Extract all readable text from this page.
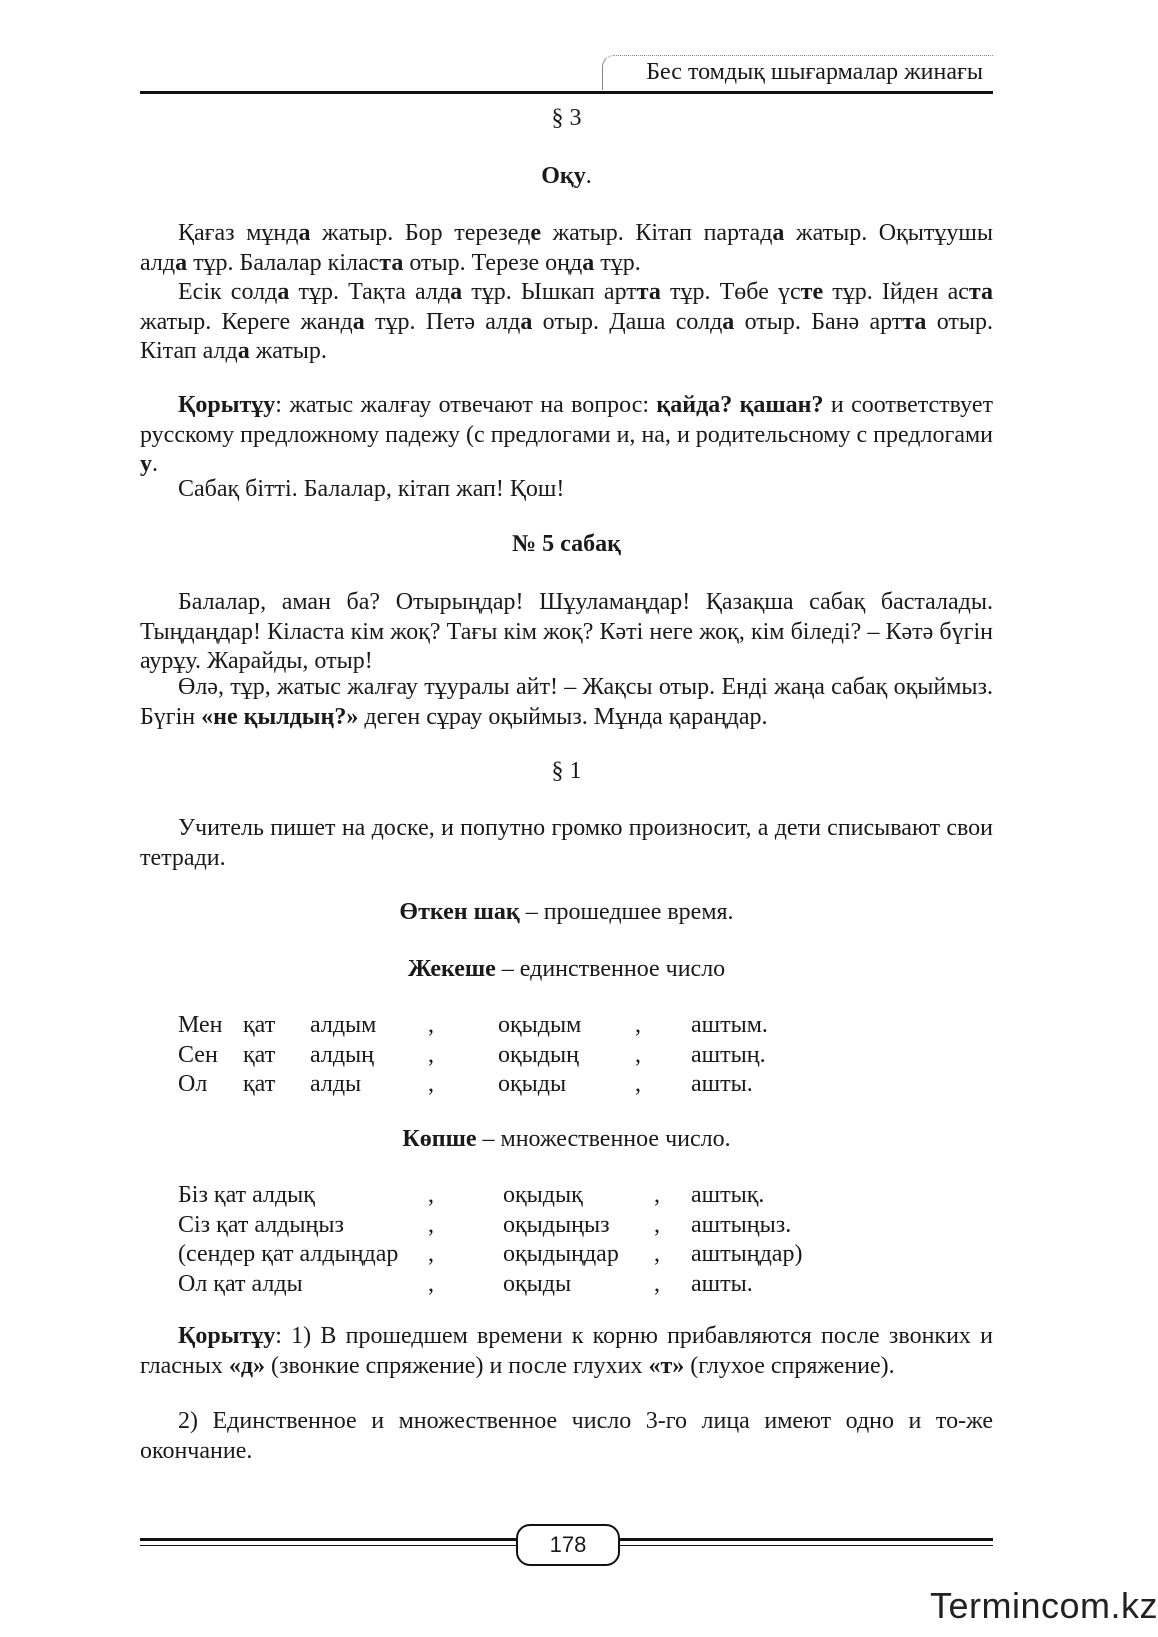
Бес томдық шығармалар жинағы

§ 3

Оқу.

Қағаз мұнда жатыр. Бор терезеде жатыр. Кітап партада жатыр. Оқытұушы алда тұр. Балалар кіласта отыр. Терезе оңда тұр.

Есік солда тұр. Тақта алда тұр. Ышкап артта тұр. Төбе үсте тұр. Ійден аста жатыр. Кереге жанда тұр. Петә алда отыр. Даша солда отыр. Банә артта отыр. Кітап алда жатыр.

Қорытұу: жатыс жалғау отвечают на вопрос: қайда? қашан? и соответствует русскому предложному падежу (с предлогами и, на, и родительсному с предлогами у.

Сабақ бітті. Балалар, кітап жап! Қош!

№ 5 сабақ

Балалар, аман ба? Отырыңдар! Шұуламаңдар! Қазақша сабақ басталады. Тыңдаңдар! Кіласта кім жоқ? Тағы кім жоқ? Кәті неге жоқ, кім біледі? – Кәтә бүгін аурұу. Жарайды, отыр!

Өлә, тұр, жатыс жалғау тұуралы айт! – Жақсы отыр. Енді жаңа сабақ оқыймыз. Бүгін «не қылдың?» деген сұрау оқыймыз. Мұнда қараңдар.

§ 1

Учитель пишет на доске, и попутно громко произносит, а дети списывают свои тетради.

Өткен шақ – прошедшее время.

Жекеше – единственное число

Мен қат алдым ,	оқыдым , аштым.
Сен қат алдың ,	оқыдың , аштың.
Ол қат алды	,	оқыды	, ашты.

Көпше – множественное число.

Біз қат алдық	,	оқыдық	, аштық.
Сіз қат алдыңыз	,	оқыдыңыз , аштыңыз.
(сендер қат алдыңдар ,	оқыдыңдар , аштыңдар)
Ол қат алды	,	оқыды	, ашты.

Қорытұу: 1) В прошедшем времени к корню прибавляются после звонких и гласных «д» (звонкие спряжение) и после глухих «т» (глухое спряжение).

2) Единственное и множественное число 3-го лица имеют одно и то-же окончание.

178
Termincom.kz
